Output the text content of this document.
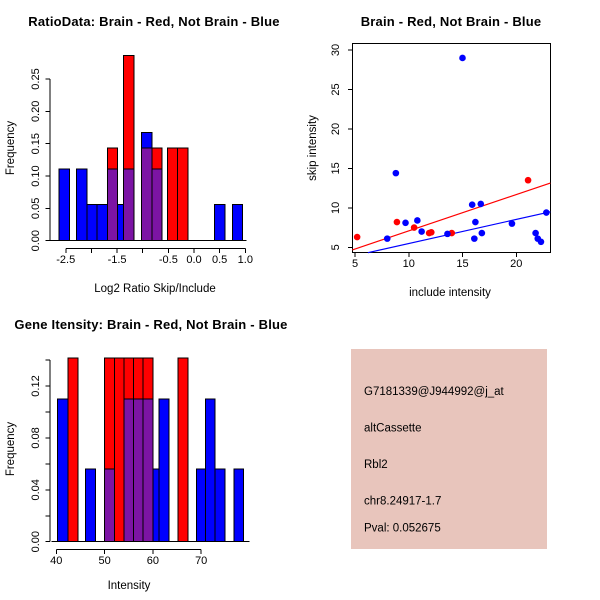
RatioData: Brain - Red, Not Brain - Blue
Log2 Ratio Skip/Include
Frequency
-2.5	-1.5	-0.5 0.0 0.5 1.0
0.00
0.05
0.10
0.15
0.20
0.25
Brain - Red, Not Brain - Blue
include intensity
skip intensity
5	10	15	20
5
10
15
20
25
30
Gene Itensity: Brain - Red, Not Brain - Blue
Intensity
Frequency
40	50	60	70
0.00
0.04
0.08
0.12	G7181339@J944992@j_at
altCassette
Rbl2
chr8.24917-1.7
Pval: 0.052675
